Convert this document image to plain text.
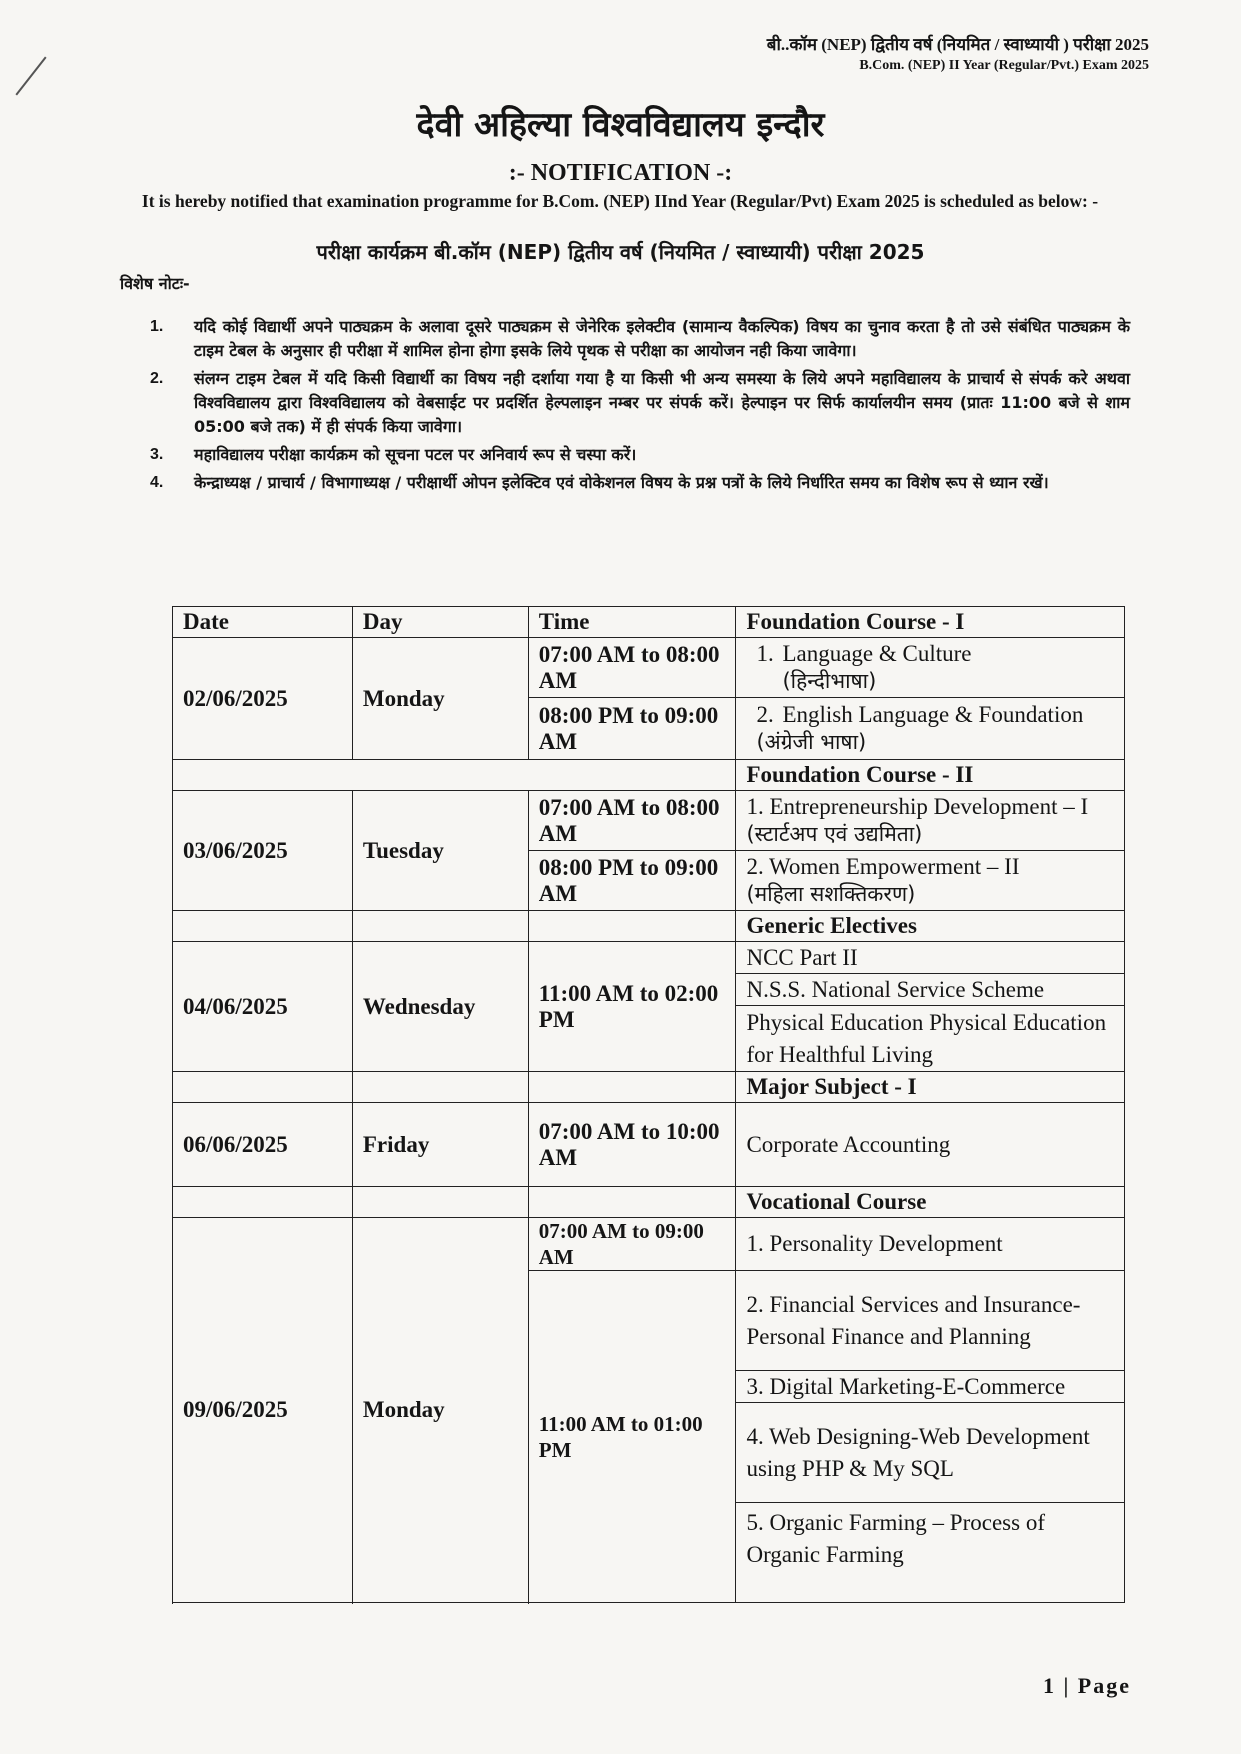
बी..कॉम (NEP) द्वितीय वर्ष (नियमित / स्वाध्यायी ) परीक्षा 2025
B.Com. (NEP) II Year (Regular/Pvt.) Exam 2025
देवी अहिल्या विश्वविद्यालय इन्दौर
:- NOTIFICATION -:
It is hereby notified that examination programme for B.Com. (NEP) IInd Year (Regular/Pvt) Exam 2025 is scheduled as below: -
परीक्षा कार्यक्रम बी.कॉम (NEP) द्वितीय वर्ष (नियमित / स्वाध्यायी) परीक्षा 2025
विशेष नोटः-
1. यदि कोई विद्यार्थी अपने पाठ्यक्रम के अलावा दूसरे पाठ्यक्रम से जेनेरिक इलेक्टीव (सामान्य वैकल्पिक) विषय का चुनाव करता है तो उसे संबंधित पाठ्यक्रम के टाइम टेबल के अनुसार ही परीक्षा में शामिल होना होगा इसके लिये पृथक से परीक्षा का आयोजन नही किया जावेगा।
2. संलग्न टाइम टेबल में यदि किसी विद्यार्थी का विषय नही दर्शाया गया है या किसी भी अन्य समस्या के लिये अपने महाविद्यालय के प्राचार्य से संपर्क करे अथवा विश्वविद्यालय द्वारा विश्वविद्यालय को वेबसाईट पर प्रदर्शित हेल्पलाइन नम्बर पर संपर्क करें। हेल्पाइन पर सिर्फ कार्यालयीन समय (प्रातः 11:00 बजे से शाम 05:00 बजे तक) में ही संपर्क किया जावेगा।
3. महाविद्यालय परीक्षा कार्यक्रम को सूचना पटल पर अनिवार्य रूप से चस्पा करें।
4. केन्द्राध्यक्ष / प्राचार्य / विभागाध्यक्ष / परीक्षार्थी ओपन इलेक्टिव एवं वोकेशनल विषय के प्रश्न पत्रों के लिये निर्धारित समय का विशेष रूप से ध्यान रखें।
Date	Day	Time	Foundation Course - I
02/06/2025	Monday	07:00 AM to 08:00 AM	1. Language & Culture
(हिन्दीभाषा)

		08:00 PM to 09:00 AM	2. English Language & Foundation (अंग्रेजी भाषा)

			Foundation Course - II
03/06/2025	Tuesday	07:00 AM to 08:00 AM	1. Entrepreneurship Development – I (स्टार्टअप एवं उद्यमिता)
		08:00 PM to 09:00 AM	2. Women Empowerment – II
(महिला सशक्तिकरण)

			Generic Electives
04/06/2025	Wednesday	11:00 AM to 02:00 PM	NCC Part II
			N.S.S. National Service Scheme
			Physical Education Physical Education for Healthful Living
			Major Subject - I
06/06/2025	Friday	07:00 AM to 10:00 AM	Corporate Accounting
			Vocational Course
09/06/2025	Monday	07:00 AM to 09:00 AM	1. Personality Development
		11:00 AM to 01:00 PM	2. Financial Services and Insurance-Personal Finance and Planning
			3. Digital Marketing-E-Commerce
			4. Web Designing-Web Development using PHP & My SQL
			5. Organic Farming – Process of Organic Farming

1 | Page
